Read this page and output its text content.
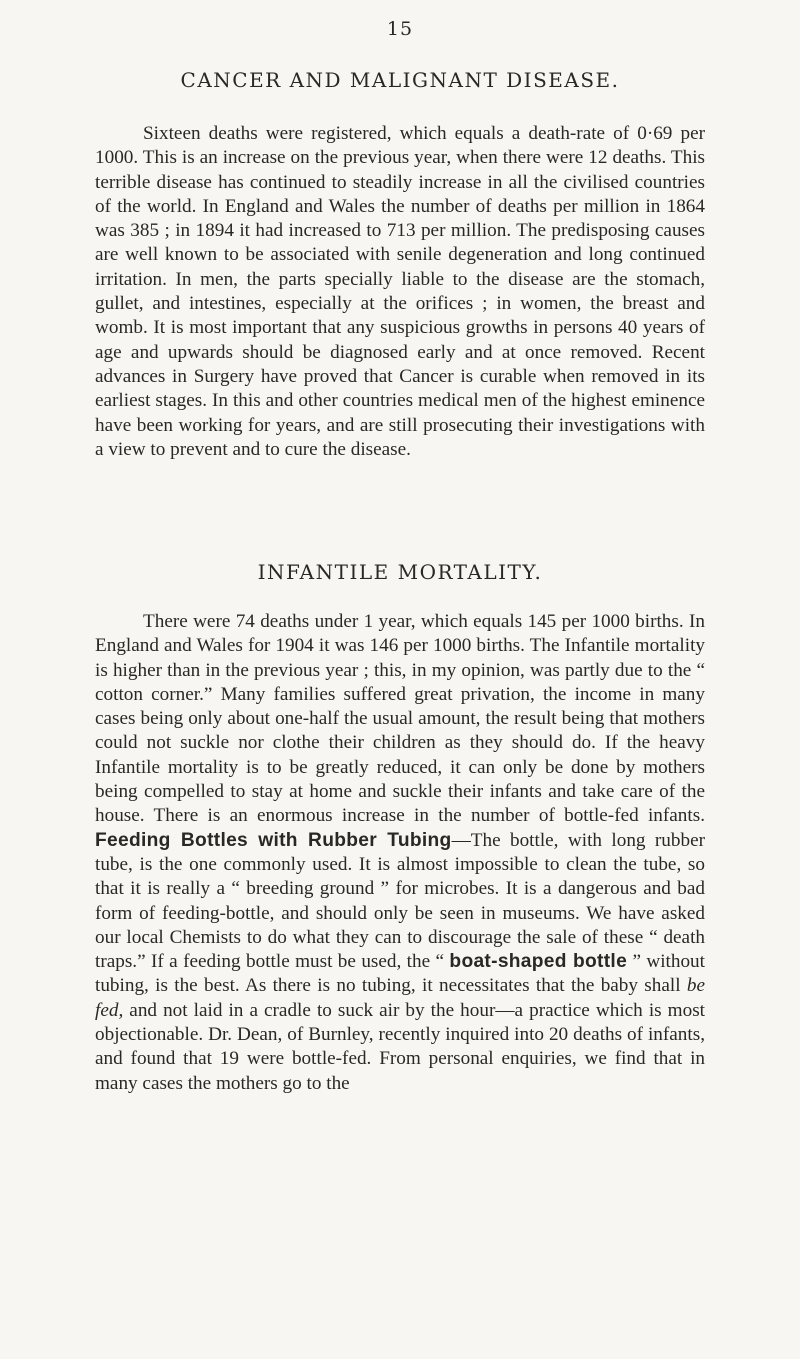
15
CANCER AND MALIGNANT DISEASE.

Sixteen deaths were registered, which equals a death-rate of 0·69 per 1000. This is an increase on the previous year, when there were 12 deaths. This terrible disease has continued to steadily increase in all the civilised countries of the world. In England and Wales the number of deaths per million in 1864 was 385 ; in 1894 it had increased to 713 per million. The predisposing causes are well known to be associated with senile degeneration and long continued irritation. In men, the parts specially liable to the disease are the stomach, gullet, and intestines, especially at the orifices ; in women, the breast and womb. It is most important that any suspicious growths in persons 40 years of age and upwards should be diagnosed early and at once removed. Recent advances in Surgery have proved that Cancer is curable when removed in its earliest stages. In this and other countries medical men of the highest eminence have been working for years, and are still prosecuting their investigations with a view to prevent and to cure the disease.

INFANTILE MORTALITY.

There were 74 deaths under 1 year, which equals 145 per 1000 births. In England and Wales for 1904 it was 146 per 1000 births. The Infantile mortality is higher than in the previous year ; this, in my opinion, was partly due to the “ cotton corner.” Many families suffered great privation, the income in many cases being only about one-half the usual amount, the result being that mothers could not suckle nor clothe their children as they should do. If the heavy Infantile mortality is to be greatly reduced, it can only be done by mothers being compelled to stay at home and suckle their infants and take care of the house. There is an enormous increase in the number of bottle-fed infants. Feeding Bottles with Rubber Tubing—The bottle, with long rubber tube, is the one commonly used. It is almost impossible to clean the tube, so that it is really a “ breeding ground ” for microbes. It is a dangerous and bad form of feeding-bottle, and should only be seen in museums. We have asked our local Chemists to do what they can to discourage the sale of these “ death traps.” If a feeding bottle must be used, the “ boat-shaped bottle ” without tubing, is the best. As there is no tubing, it necessitates that the baby shall be fed, and not laid in a cradle to suck air by the hour—a practice which is most objectionable. Dr. Dean, of Burnley, recently inquired into 20 deaths of infants, and found that 19 were bottle-fed. From personal enquiries, we find that in many cases the mothers go to the
